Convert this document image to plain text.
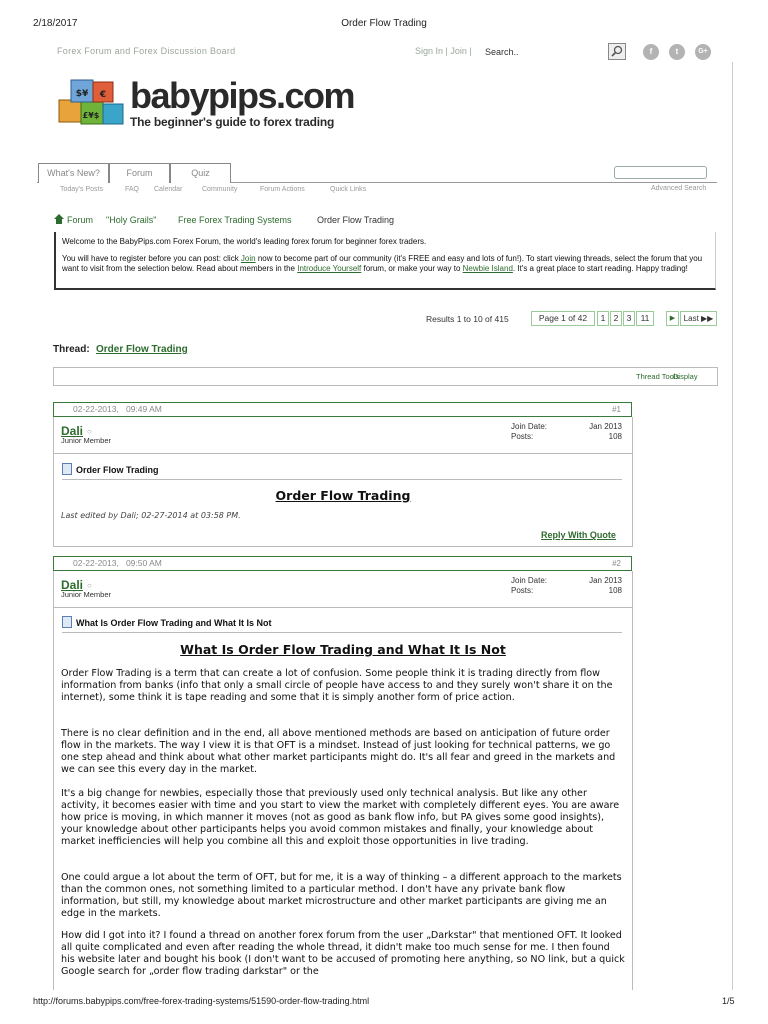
2/18/2017	Order Flow Trading
Forex Forum and Forex Discussion Board	Sign In | Join | Search..	f	t	G+
$¥ €
£¥$ babypips.com
The beginner's guide to forex trading
What's New?	Forum	Quiz
Today's Posts	FAQ Calendar	Community	Forum Actions	Quick Links	Advanced Search
Forum "Holy Grails" Free Forex Trading Systems	Order Flow Trading

Welcome to the BabyPips.com Forex Forum, the world's leading forex forum for beginner forex traders.

You will have to register before you can post: click Join now to become part of our community (it's FREE and easy and lots of fun!). To start viewing threads, select the forum that you want to visit from the selection below. Read about members in the Introduce Yourself forum, or make your way to Newbie Island. It's a great place to start reading. Happy trading!

Results 1 to 10 of 415	Page 1 of 42	1 2 3	11	▶	Last ▶▶
Thread: Order Flow Trading
Thread Tools
Display
02-22-2013, 09:49 AM	#1
Dali ○
Junior Member
Join Date:	Jan 2013
Posts:	108
Order Flow Trading
Order Flow Trading
Last edited by Dali; 02-27-2014 at 03:58 PM.
Reply With Quote
02-22-2013, 09:50 AM	#2
Dali ○
Junior Member
Join Date:	Jan 2013
Posts:	108
What Is Order Flow Trading and What It Is Not
What Is Order Flow Trading and What It Is Not

Order Flow Trading is a term that can create a lot of confusion. Some people think it is trading directly from flow information from banks (info that only a small circle of people have access to and they surely won't share it on the internet), some think it is tape reading and some that it is simply another form of price action.

There is no clear definition and in the end, all above mentioned methods are based on anticipation of future order flow in the markets. The way I view it is that OFT is a mindset. Instead of just looking for technical patterns, we go one step ahead and think about what other market participants might do. It's all fear and greed in the markets and we can see this every day in the market.

It's a big change for newbies, especially those that previously used only technical analysis. But like any other activity, it becomes easier with time and you start to view the market with completely different eyes. You are aware how price is moving, in which manner it moves (not as good as bank flow info, but PA gives some good insights), your knowledge about other participants helps you avoid common mistakes and finally, your knowledge about market inefficiencies will help you combine all this and exploit those opportunities in live trading.

One could argue a lot about the term of OFT, but for me, it is a way of thinking – a different approach to the markets than the common ones, not something limited to a particular method. I don't have any private bank flow information, but still, my knowledge about market microstructure and other market participants are giving me an edge in the markets.

How did I got into it? I found a thread on another forex forum from the user „Darkstar" that mentioned OFT. It looked all quite complicated and even after reading the whole thread, it didn't make too much sense for me. I then found his website later and bought his book (I don't want to be accused of promoting here anything, so NO link, but a quick Google search for „order flow trading darkstar" or the

http://forums.babypips.com/free-forex-trading-systems/51590-order-flow-trading.html	1/5
